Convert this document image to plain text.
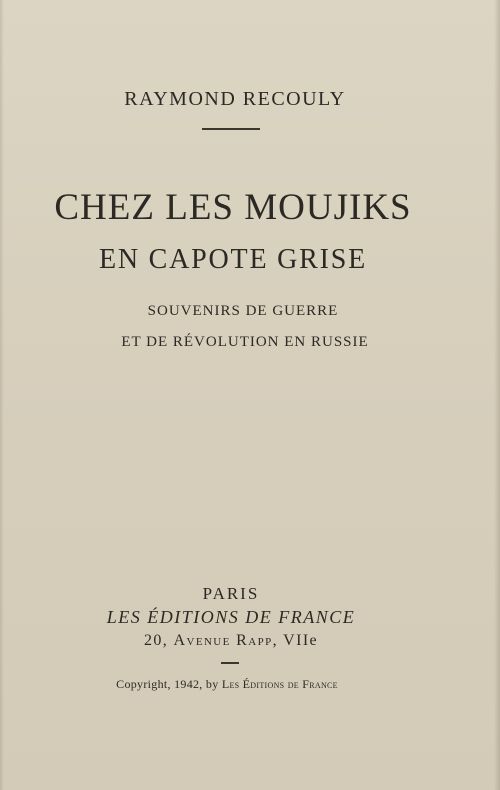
RAYMOND RECOULY
CHEZ LES MOUJIKS
EN CAPOTE GRISE
SOUVENIRS DE GUERRE
ET DE RÉVOLUTION EN RUSSIE
PARIS
LES ÉDITIONS DE FRANCE
20, Avenue Rapp, VIIe
Copyright, 1942, by Les Éditions de France
